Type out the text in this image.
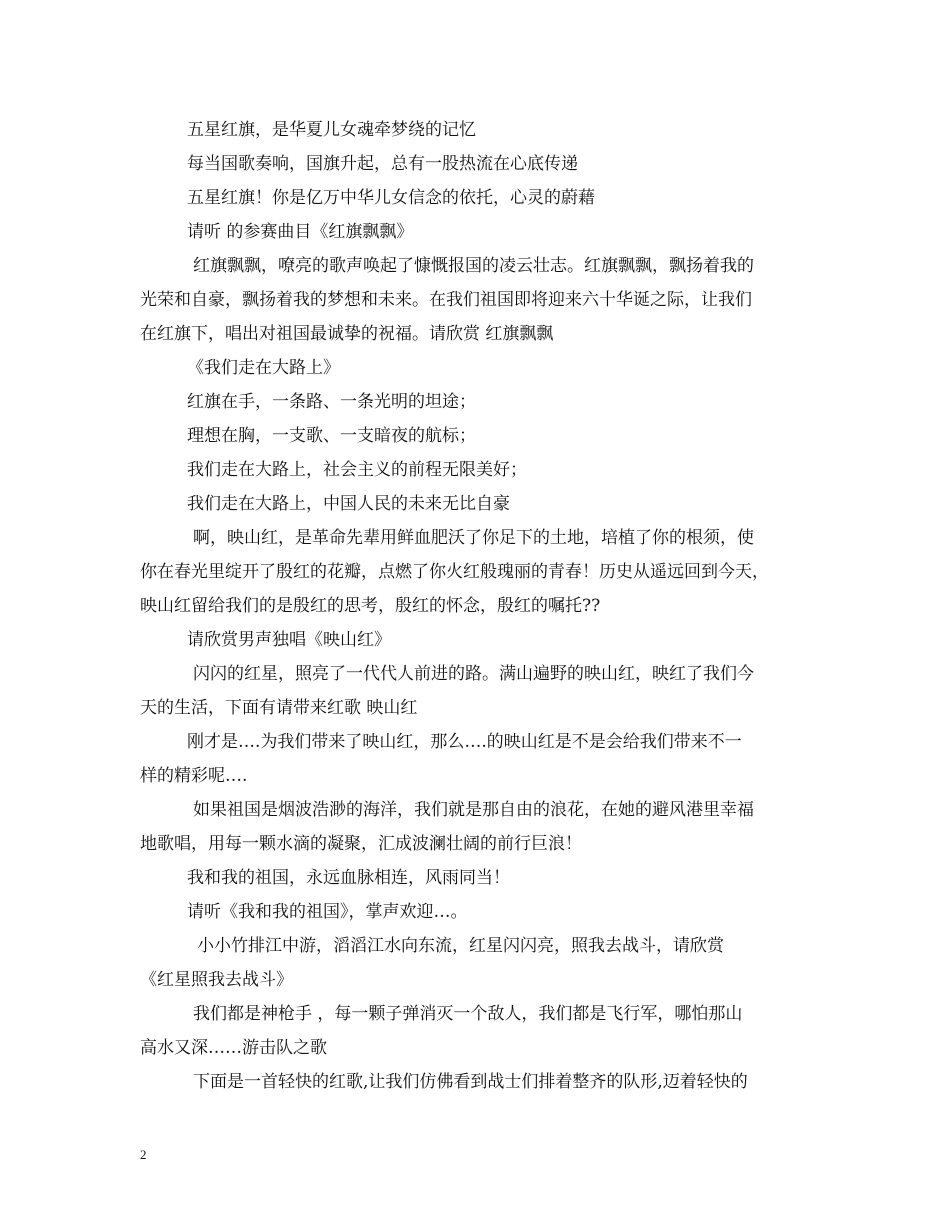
五星红旗，是华夏儿女魂牵梦绕的记忆
每当国歌奏响，国旗升起，总有一股热流在心底传递
五星红旗！你是亿万中华儿女信念的依托，心灵的蔚藉
请听 的参赛曲目《红旗飘飘》
红旗飘飘，嘹亮的歌声唤起了慷慨报国的凌云壮志。红旗飘飘，飘扬着我的
光荣和自豪，飘扬着我的梦想和未来。在我们祖国即将迎来六十华诞之际，让我们
在红旗下，唱出对祖国最诚挚的祝福。请欣赏 红旗飘飘
《我们走在大路上》
红旗在手，一条路、一条光明的坦途；
理想在胸，一支歌、一支暗夜的航标；
我们走在大路上，社会主义的前程无限美好；
我们走在大路上，中国人民的未来无比自豪
啊，映山红，是革命先辈用鲜血肥沃了你足下的土地，培植了你的根须，使
你在春光里绽开了殷红的花瓣，点燃了你火红般瑰丽的青春！历史从遥远回到今天，
映山红留给我们的是殷红的思考，殷红的怀念，殷红的嘱托??
请欣赏男声独唱《映山红》
闪闪的红星，照亮了一代代人前进的路。满山遍野的映山红，映红了我们今
天的生活，下面有请带来红歌 映山红
刚才是….为我们带来了映山红，那么….的映山红是不是会给我们带来不一
样的精彩呢….
如果祖国是烟波浩渺的海洋，我们就是那自由的浪花，在她的避风港里幸福
地歌唱，用每一颗水滴的凝聚，汇成波澜壮阔的前行巨浪！
我和我的祖国，永远血脉相连，风雨同当！
请听《我和我的祖国》，掌声欢迎…。
小小竹排江中游，滔滔江水向东流，红星闪闪亮，照我去战斗，请欣赏
《红星照我去战斗》
我们都是神枪手 ，每一颗子弹消灭一个敌人，我们都是飞行军，哪怕那山
高水又深……游击队之歌
下面是一首轻快的红歌,让我们仿佛看到战士们排着整齐的队形,迈着轻快的
2
